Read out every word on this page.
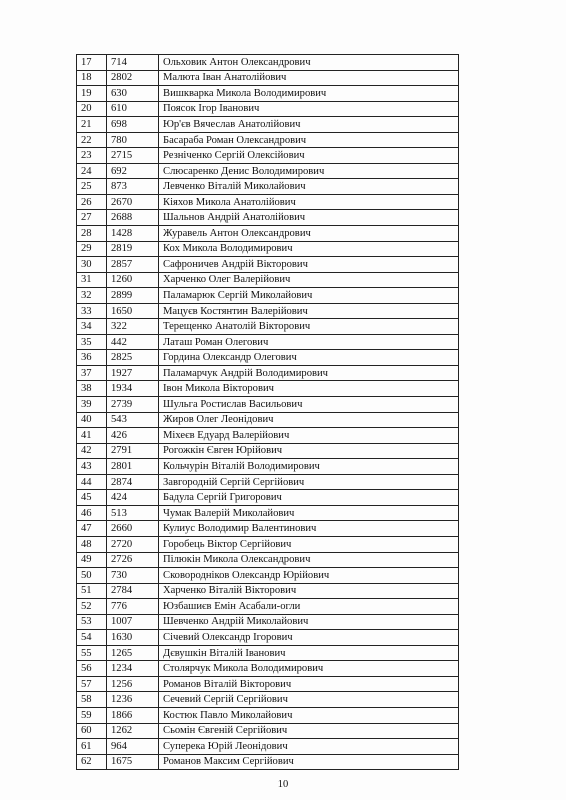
17	714	Ольховик Антон Олександрович
18	2802	Малюта Іван Анатолійович
19	630	Вишкварка Микола Володимирович
20	610	Поясок Ігор Іванович
21	698	Юр'єв Вячеслав Анатолійович
22	780	Басараба Роман Олександрович
23	2715	Резніченко Сергій Олексійович
24	692	Слюсаренко Денис Володимирович
25	873	Левченко Віталій Миколайович
26	2670	Кіяхов Микола Анатолійович
27	2688	Шальнов Андрій Анатолійович
28	1428	Журавель Антон Олександрович
29	2819	Кох Микола Володимирович
30	2857	Сафроничев Андрій Вікторович
31	1260	Харченко Олег Валерійович
32	2899	Паламарюк Сергій Миколайович
33	1650	Мацуєв Костянтин Валерійович
34	322	Терещенко Анатолій Вікторович
35	442	Латаш Роман Олегович
36	2825	Гордина Олександр Олегович
37	1927	Паламарчук Андрій Володимирович
38	1934	Івон Микола Вікторович
39	2739	Шульга Ростислав Васильович
40	543	Жиров Олег Леонідович
41	426	Міхеєв Едуард Валерійович
42	2791	Рогожкін Євген Юрійович
43	2801	Кольчурін Віталій Володимирович
44	2874	Завгородній Сергій Сергійович
45	424	Бадула Сергій Григорович
46	513	Чумак Валерій Миколайович
47	2660	Кулиус Володимир Валентинович
48	2720	Горобець Віктор Сергійович
49	2726	Пілюкін Микола Олександрович
50	730	Сковородніков Олександр Юрійович
51	2784	Харченко Віталій Вікторович
52	776	Юзбашиєв Емін Асабали-огли
53	1007	Шевченко Андрій Миколайович
54	1630	Січевий Олександр Ігорович
55	1265	Дєвушкін Віталій Іванович
56	1234	Столярчук Микола Володимирович
57	1256	Романов Віталій Вікторович
58	1236	Сечевий Сергій Сергійович
59	1866	Костюк Павло Миколайович
60	1262	Сьомін Євгеній Сергійович
61	964	Суперека Юрій Леонідович
62	1675	Романов Максим Сергійович
10
